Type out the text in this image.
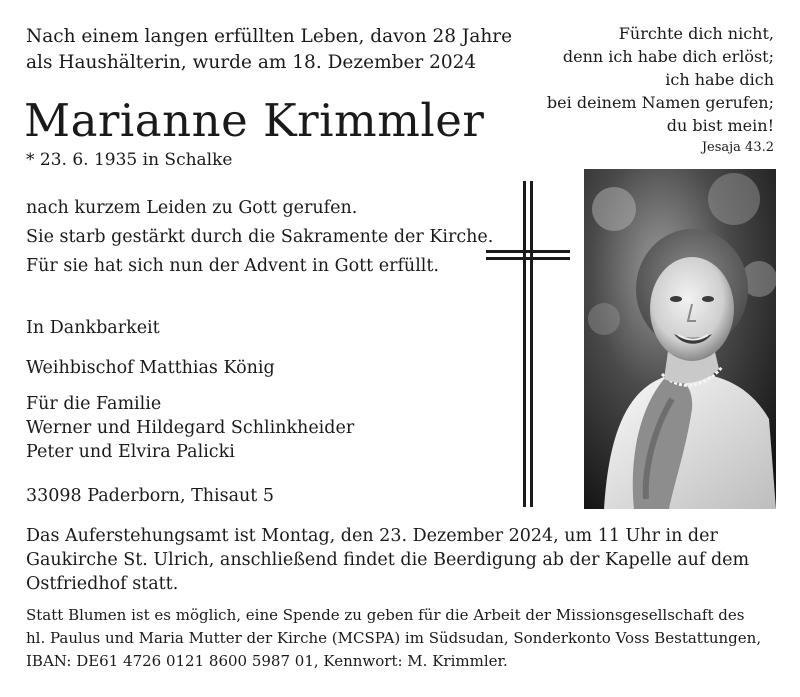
Nach einem langen erfüllten Leben, davon 28 Jahre
als Haushälterin, wurde am 18. Dezember 2024
Fürchte dich nicht,
denn ich habe dich erlöst;
ich habe dich
bei deinem Namen gerufen;
du bist mein!
Jesaja 43.2
Marianne Krimmler
* 23. 6. 1935 in Schalke
nach kurzem Leiden zu Gott gerufen.
Sie starb gestärkt durch die Sakramente der Kirche.
Für sie hat sich nun der Advent in Gott erfüllt.
In Dankbarkeit
Weihbischof Matthias König
Für die Familie
Werner und Hildegard Schlinkheider
Peter und Elvira Palicki
33098 Paderborn, Thisaut 5
Das Auferstehungsamt ist Montag, den 23. Dezember 2024, um 11 Uhr in der
Gaukirche St. Ulrich, anschließend findet die Beerdigung ab der Kapelle auf dem
Ostfriedhof statt.
Statt Blumen ist es möglich, eine Spende zu geben für die Arbeit der Missionsgesellschaft des
hl. Paulus und Maria Mutter der Kirche (MCSPA) im Südsudan, Sonderkonto Voss Bestattungen,
IBAN: DE61 4726 0121 8600 5987 01, Kennwort: M. Krimmler.
